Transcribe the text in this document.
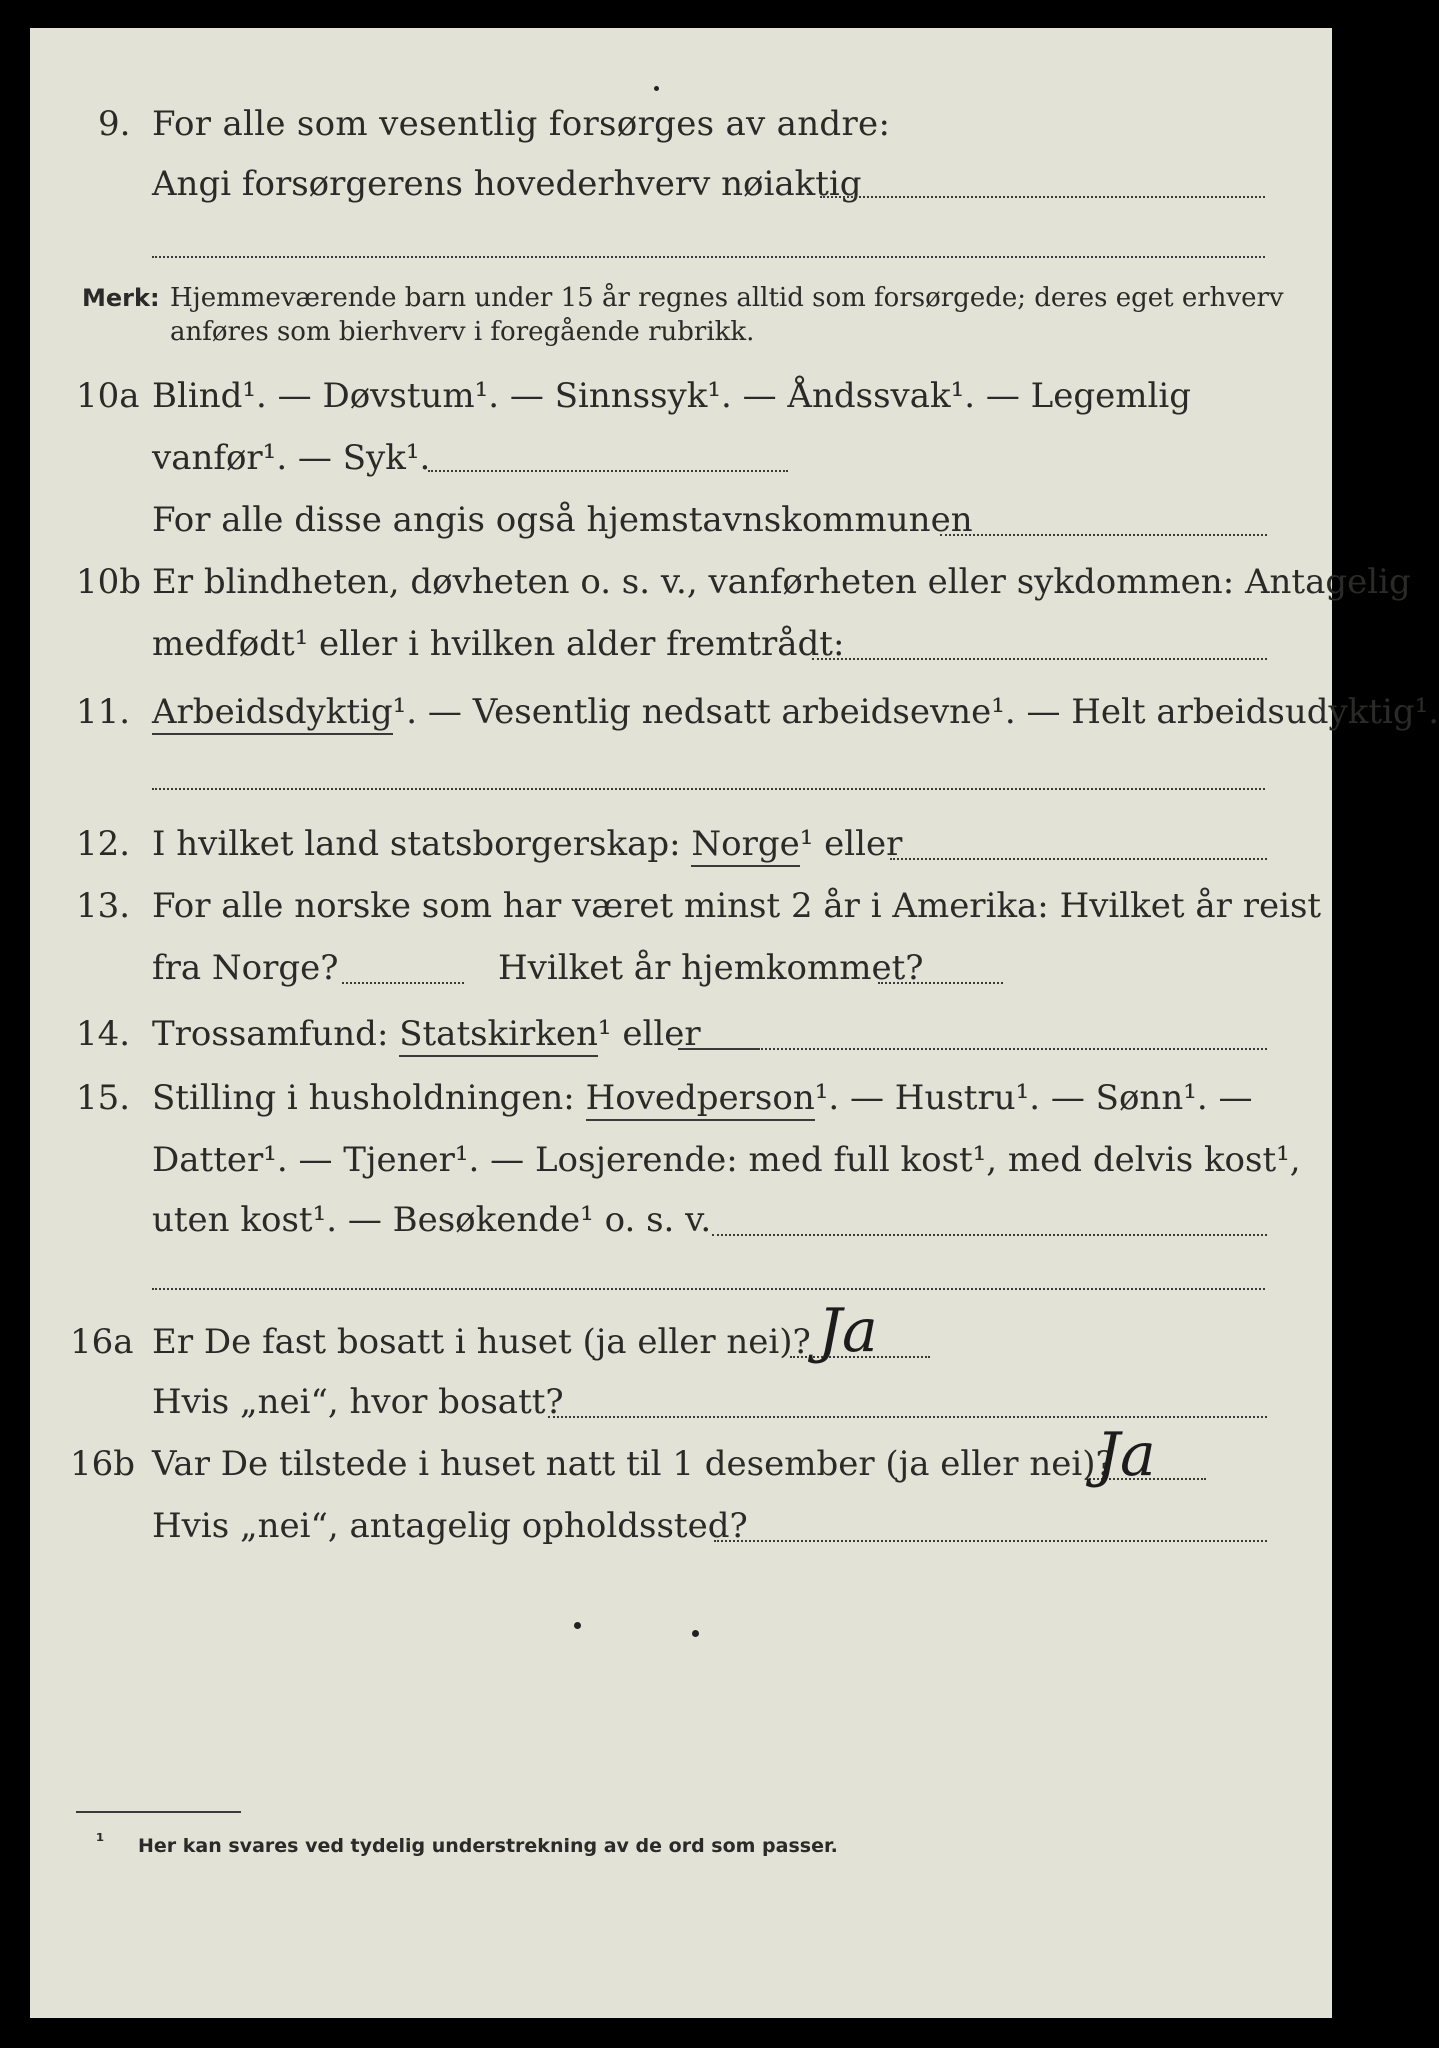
9. For alle som vesentlig forsørges av andre:
Angi forsørgerens hovederhverv nøiaktig
Merk: Hjemmeværende barn under 15 år regnes alltid som forsørgede; deres eget erhverv
anføres som bierhverv i foregående rubrikk.
10a Blind¹. — Døvstum¹. — Sinnssyk¹. — Åndssvak¹. — Legemlig
vanfør¹. — Syk¹.
For alle disse angis også hjemstavnskommunen
10b Er blindheten, døvheten o. s. v., vanførheten eller sykdommen: Antagelig
medfødt¹ eller i hvilken alder fremtrådt:
11. Arbeidsdyktig¹. — Vesentlig nedsatt arbeidsevne¹. — Helt arbeidsudyktig¹.
12. I hvilket land statsborgerskap: Norge¹ eller
13. For alle norske som har været minst 2 år i Amerika: Hvilket år reist
fra Norge?	Hvilket år hjemkommet?
14. Trossamfund: Statskirken¹ eller
15. Stilling i husholdningen: Hovedperson¹. — Hustru¹. — Sønn¹. —
Datter¹. — Tjener¹. — Losjerende: med full kost¹, med delvis kost¹,
uten kost¹. — Besøkende¹ o. s. v.
16a Er De fast bosatt i huset (ja eller nei)? Ja
Hvis „nei“, hvor bosatt?
16b Var De tilstede i huset natt til 1 desember (ja eller nei)?
Ja
Hvis „nei“, antagelig opholdssted?
¹ Her kan svares ved tydelig understrekning av de ord som passer.
